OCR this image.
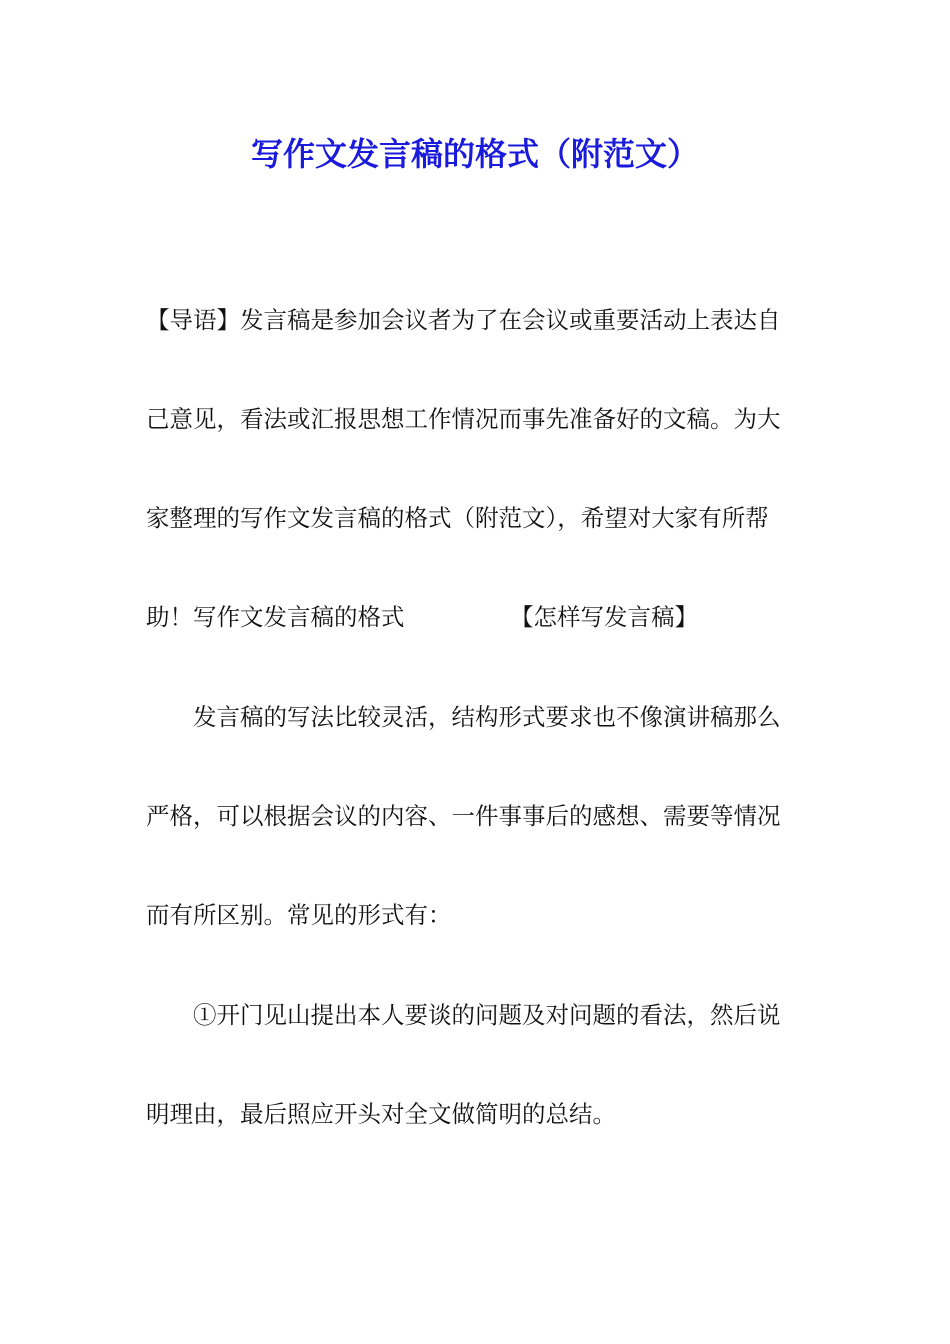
写作文发言稿的格式（附范文）
【导语】发言稿是参加会议者为了在会议或重要活动上表达自
己意见，看法或汇报思想工作情况而事先准备好的文稿。为大
家整理的写作文发言稿的格式（附范文），希望对大家有所帮
助！写作文发言稿的格式	【怎样写发言稿】
发言稿的写法比较灵活，结构形式要求也不像演讲稿那么
严格，可以根据会议的内容、一件事事后的感想、需要等情况
而有所区别。常见的形式有：
①开门见山提出本人要谈的问题及对问题的看法，然后说
明理由，最后照应开头对全文做简明的总结。
